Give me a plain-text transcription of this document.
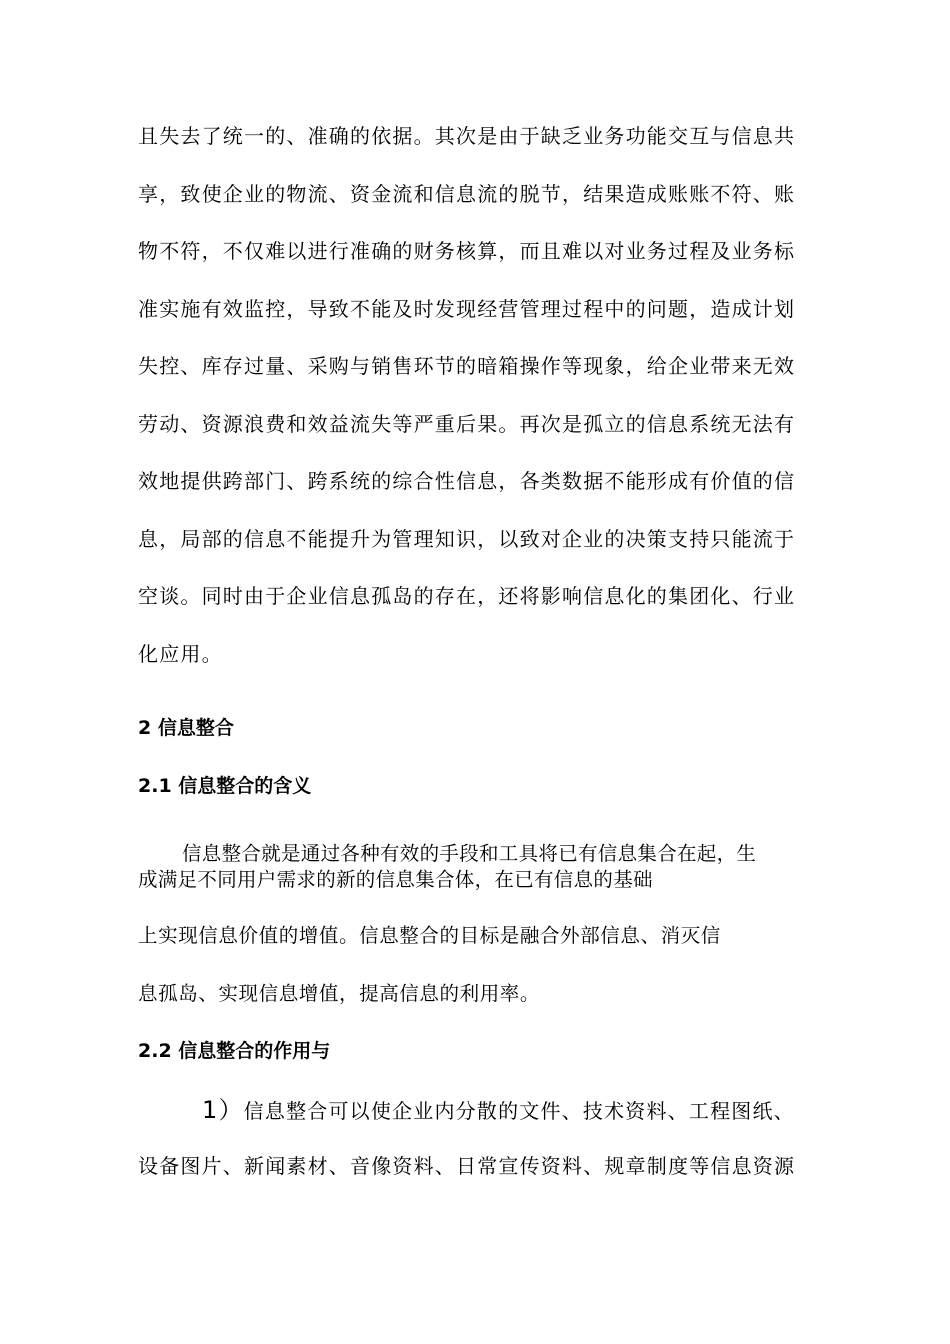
且失去了统一的、准确的依据。其次是由于缺乏业务功能交互与信息共
享，致使企业的物流、资金流和信息流的脱节，结果造成账账不符、账
物不符，不仅难以进行准确的财务核算，而且难以对业务过程及业务标
准实施有效监控，导致不能及时发现经营管理过程中的问题，造成计划
失控、库存过量、采购与销售环节的暗箱操作等现象，给企业带来无效
劳动、资源浪费和效益流失等严重后果。再次是孤立的信息系统无法有
效地提供跨部门、跨系统的综合性信息，各类数据不能形成有价值的信
息，局部的信息不能提升为管理知识，以致对企业的决策支持只能流于
空谈。同时由于企业信息孤岛的存在，还将影响信息化的集团化、行业
化应用。
2 信息整合
2.1 信息整合的含义
信息整合就是通过各种有效的手段和工具将已有信息集合在起，生
成满足不同用户需求的新的信息集合体，在已有信息的基础
上实现信息价值的增值。信息整合的目标是融合外部信息、消灭信
息孤岛、实现信息增值，提高信息的利用率。
2.2 信息整合的作用与
1）信息整合可以使企业内分散的文件、技术资料、工程图纸、
设备图片、新闻素材、音像资料、日常宣传资料、规章制度等信息资源
